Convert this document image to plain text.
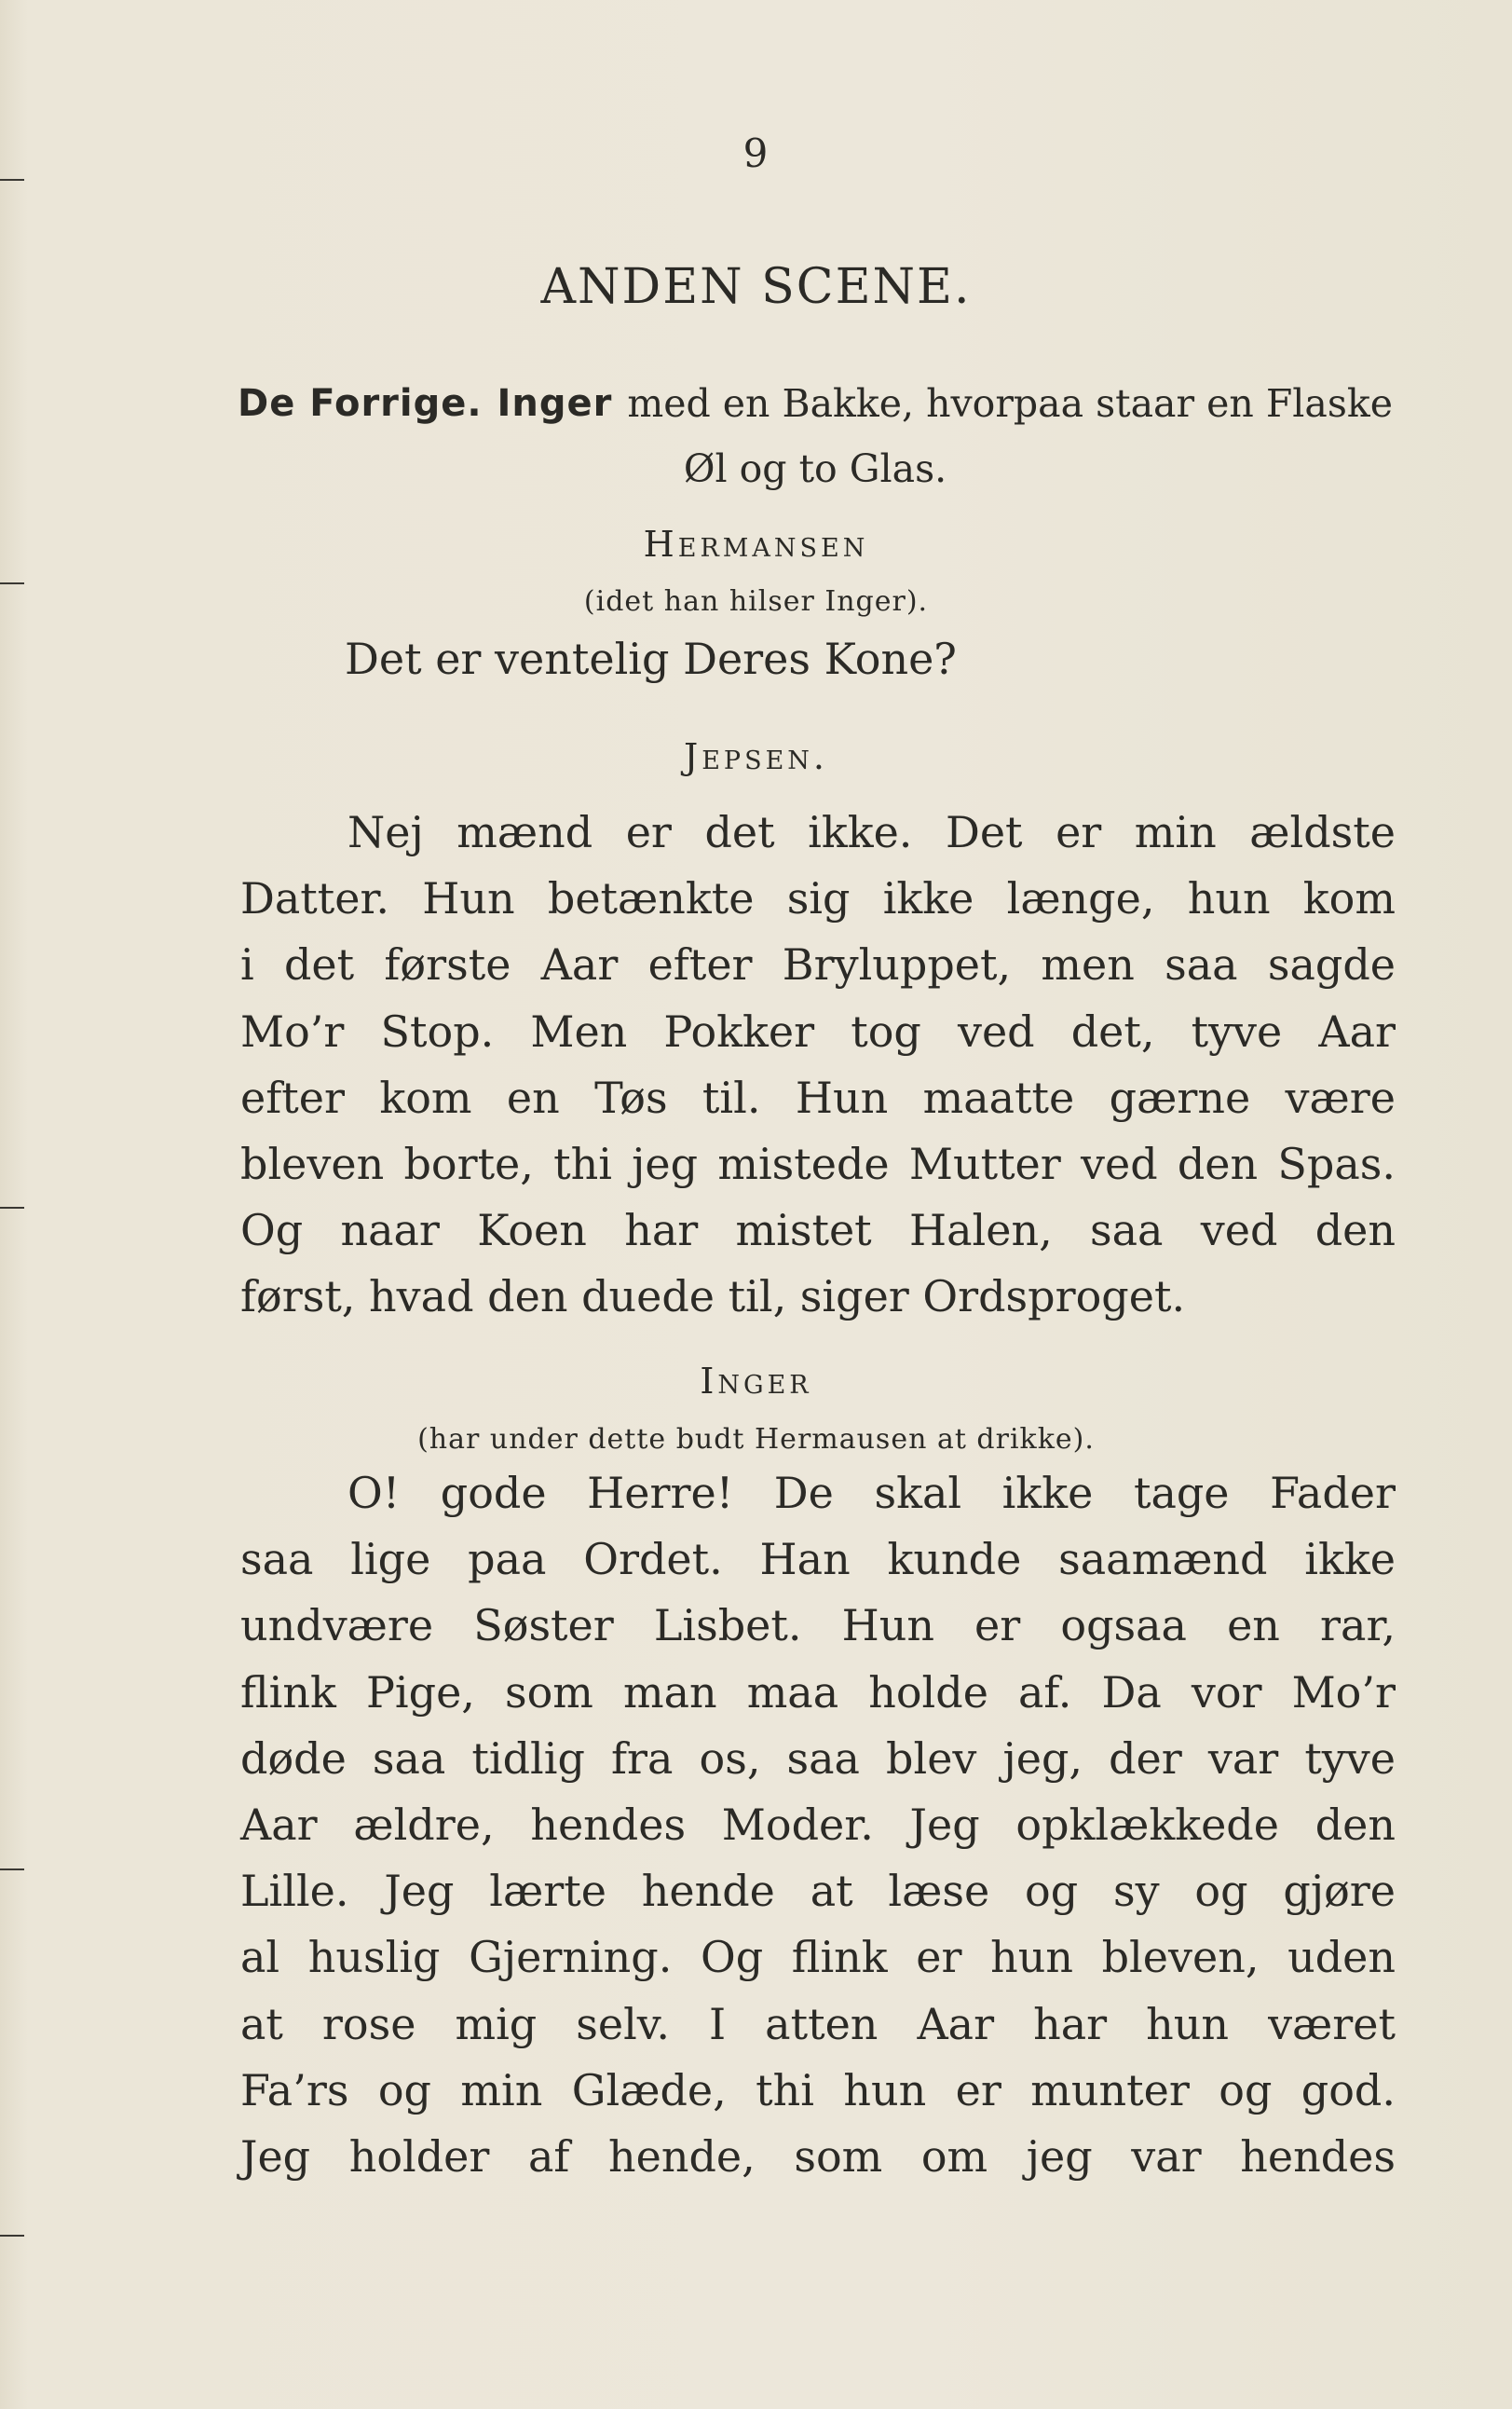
9
ANDEN SCENE.
De Forrige. Inger med en Bakke, hvorpaa staar en Flaske
Øl og to Glas.
Hermansen
(idet han hilser Inger).
Det er ventelig Deres Kone?
Jepsen.
Nej mænd er det ikke. Det er min ældste
Datter. Hun betænkte sig ikke længe, hun kom
i det første Aar efter Bryluppet, men saa sagde
Mo’r Stop. Men Pokker tog ved det, tyve Aar
efter kom en Tøs til. Hun maatte gærne være
bleven borte, thi jeg mistede Mutter ved den Spas.
Og naar Koen har mistet Halen, saa ved den
først, hvad den duede til, siger Ordsproget.
Inger
(har under dette budt Hermausen at drikke).
O! gode Herre! De skal ikke tage Fader
saa lige paa Ordet. Han kunde saamænd ikke
undvære Søster Lisbet. Hun er ogsaa en rar,
flink Pige, som man maa holde af. Da vor Mo’r
døde saa tidlig fra os, saa blev jeg, der var tyve
Aar ældre, hendes Moder. Jeg opklækkede den
Lille. Jeg lærte hende at læse og sy og gjøre
al huslig Gjerning. Og flink er hun bleven, uden
at rose mig selv. I atten Aar har hun været
Fa’rs og min Glæde, thi hun er munter og god.
Jeg holder af hende, som om jeg var hendes
